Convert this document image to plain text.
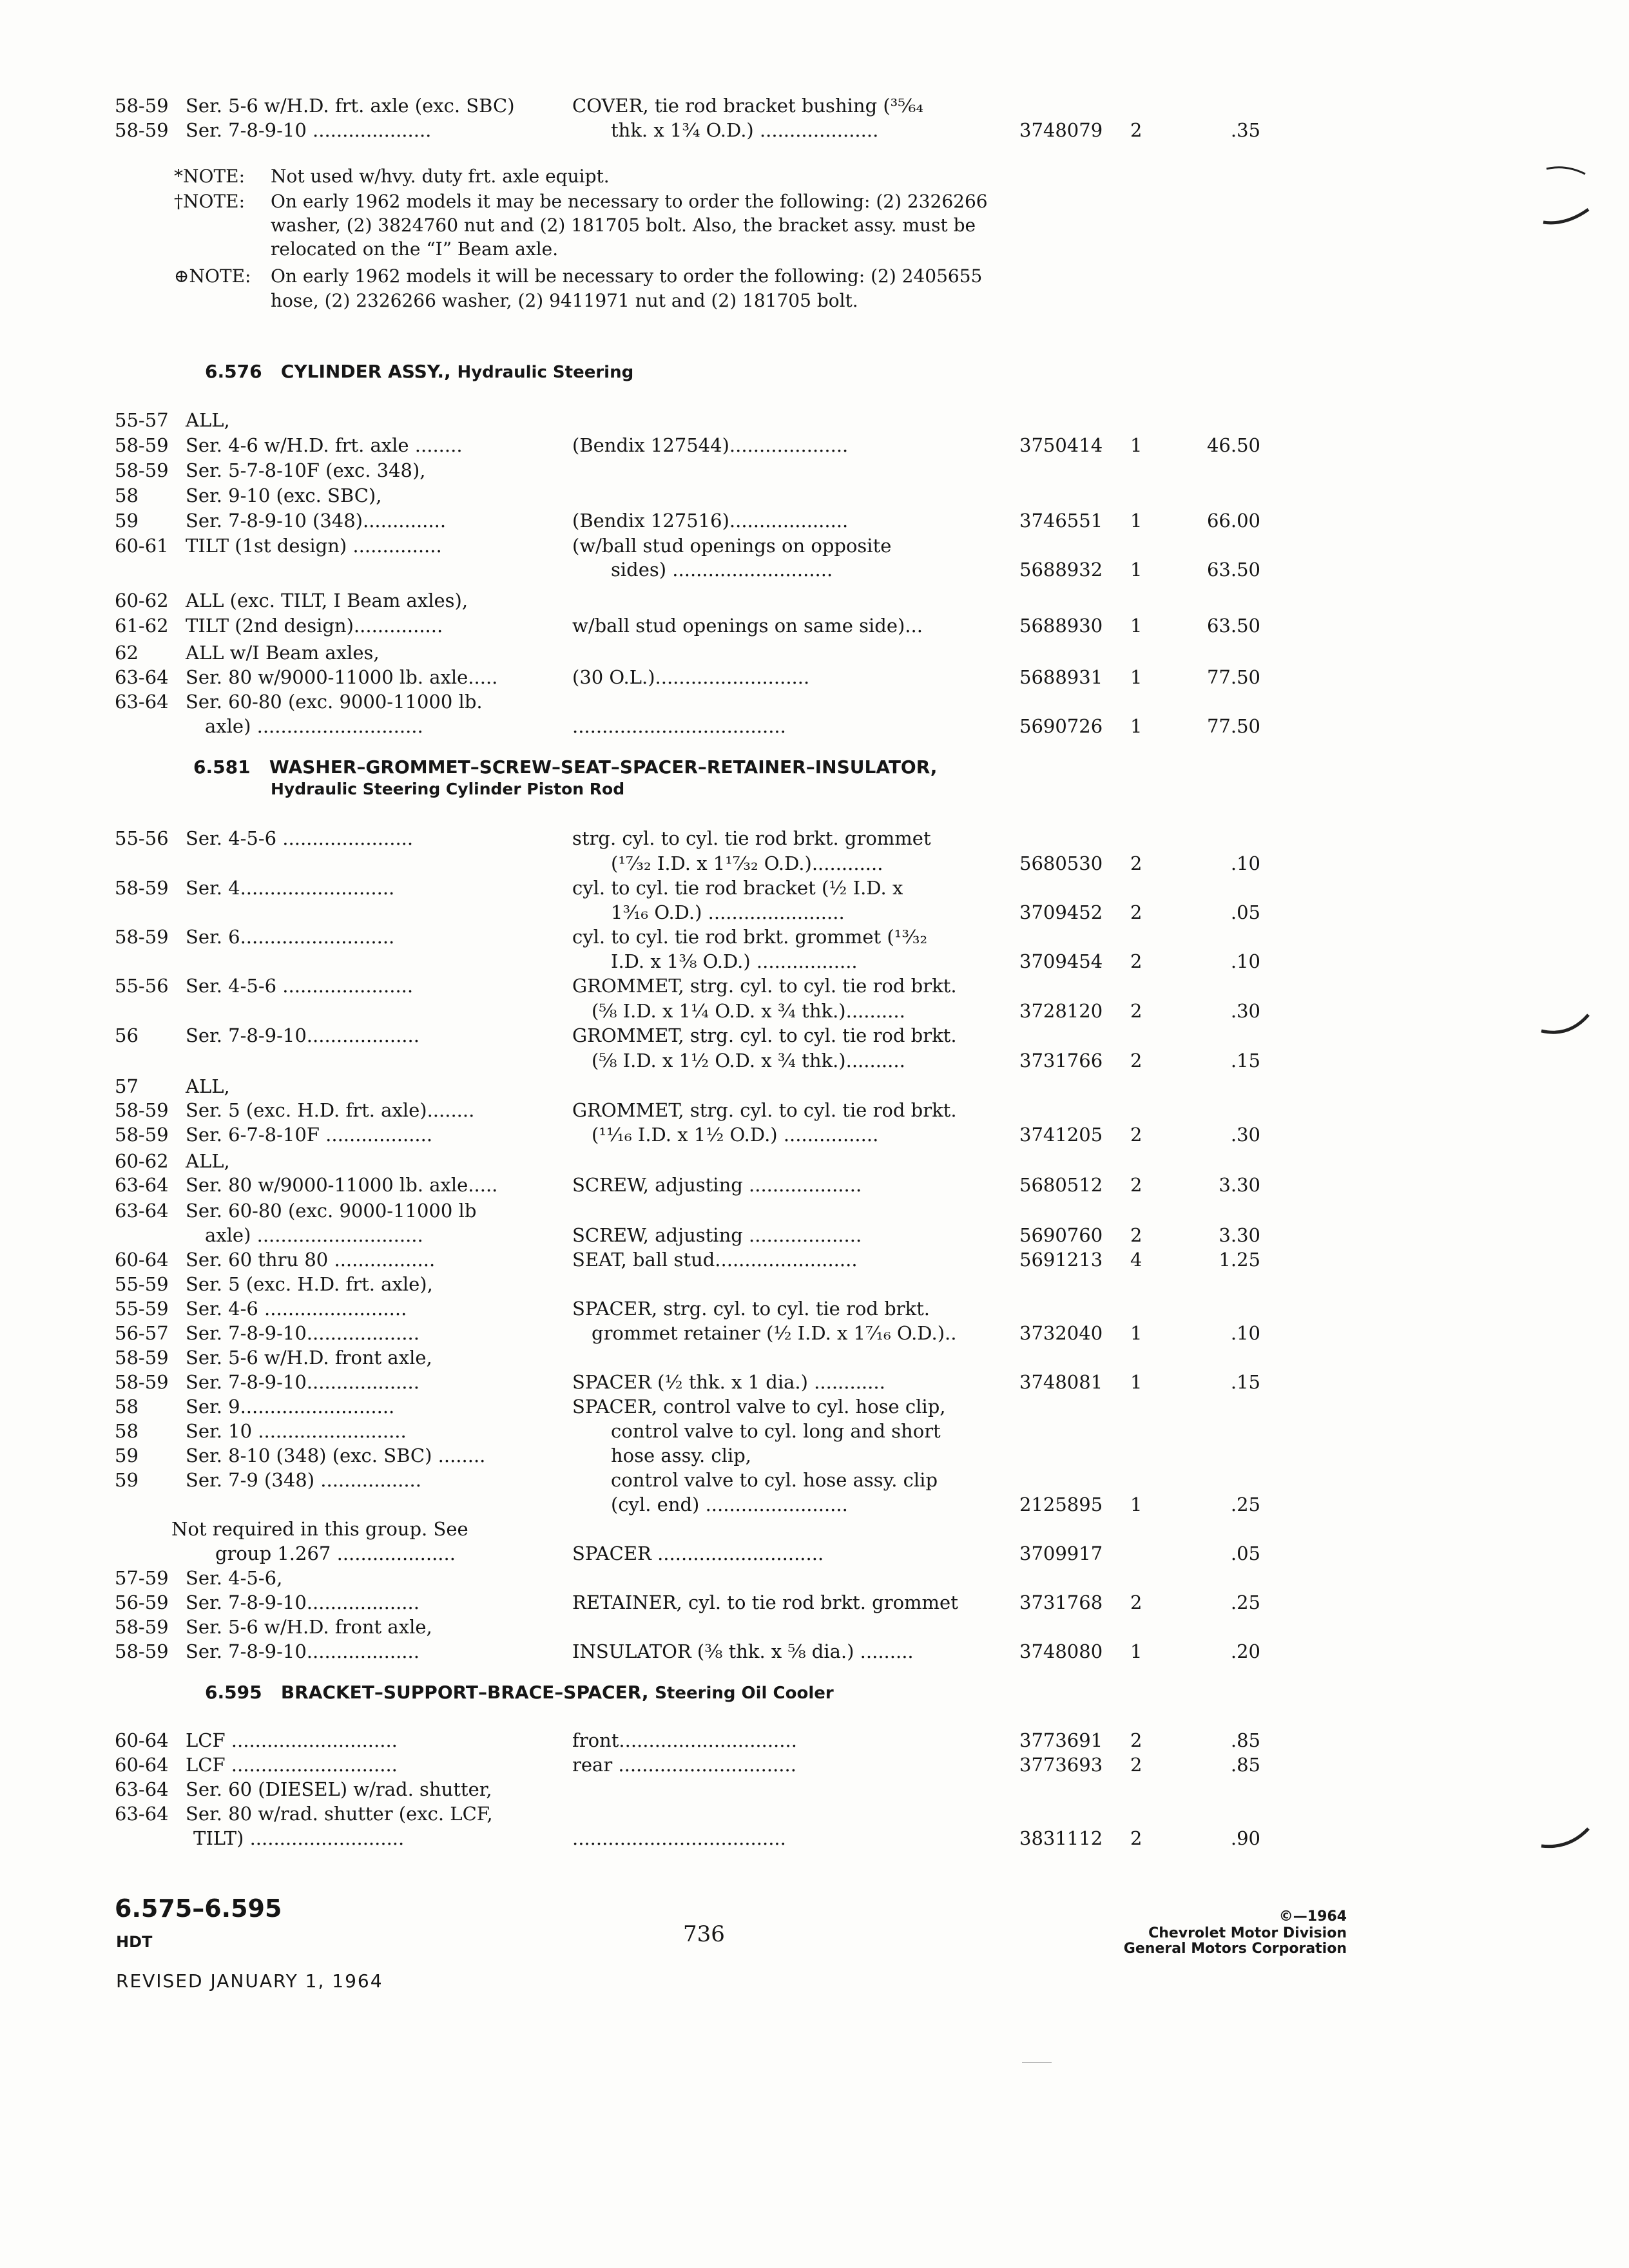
58-59 Ser. 5-6 w/H.D. frt. axle (exc. SBC)	COVER, tie rod bracket bushing (³⁵⁄₆₄
58-59 Ser. 7-8-9-10 ....................	thk. x 1³⁄₄ O.D.) ....................	3748079 2	.35
*NOTE: Not used w/hvy. duty frt. axle equipt.
†NOTE: On early 1962 models it may be necessary to order the following: (2) 2326266
washer, (2) 3824760 nut and (2) 181705 bolt. Also, the bracket assy. must be
relocated on the “I” Beam axle.
⊕NOTE: On early 1962 models it will be necessary to order the following: (2) 2405655
hose, (2) 2326266 washer, (2) 9411971 nut and (2) 181705 bolt.
6.576 CYLINDER ASSY., Hydraulic Steering
55-57 ALL,
58-59 Ser. 4-6 w/H.D. frt. axle ........	(Bendix 127544)....................	3750414 1	46.50
58-59 Ser. 5-7-8-10F (exc. 348),
58	Ser. 9-10 (exc. SBC),
59	Ser. 7-8-9-10 (348)..............	(Bendix 127516)....................	3746551 1	66.00
60-61 TILT (1st design) ...............	(w/ball stud openings on opposite
sides) ...........................	5688932 1	63.50
60-62 ALL (exc. TILT, I Beam axles),
61-62 TILT (2nd design)...............	w/ball stud openings on same side)...	5688930 1	63.50
62	ALL w/I Beam axles,
63-64 Ser. 80 w/9000-11000 lb. axle.....	(30 O.L.)..........................	5688931 1	77.50
63-64 Ser. 60-80 (exc. 9000-11000 lb.
axle) ............................	....................................	5690726 1	77.50
6.581 WASHER–GROMMET–SCREW–SEAT–SPACER–RETAINER–INSULATOR,
Hydraulic Steering Cylinder Piston Rod
55-56 Ser. 4-5-6 ......................	strg. cyl. to cyl. tie rod brkt. grommet
(¹⁷⁄₃₂ I.D. x 1¹⁷⁄₃₂ O.D.)............	5680530 2	.10
58-59 Ser. 4..........................	cyl. to cyl. tie rod bracket (½ I.D. x
1³⁄₁₆ O.D.) .......................	3709452 2	.05
58-59 Ser. 6..........................	cyl. to cyl. tie rod brkt. grommet (¹³⁄₃₂
I.D. x 1³⁄₈ O.D.) .................	3709454 2	.10
55-56 Ser. 4-5-6 ......................	GROMMET, strg. cyl. to cyl. tie rod brkt.
(⅝ I.D. x 1¼ O.D. x ¾ thk.)..........	3728120 2	.30
56	Ser. 7-8-9-10...................	GROMMET, strg. cyl. to cyl. tie rod brkt.
(⅝ I.D. x 1½ O.D. x ¾ thk.)..........	3731766 2	.15
57	ALL,
58-59 Ser. 5 (exc. H.D. frt. axle)........	GROMMET, strg. cyl. to cyl. tie rod brkt.
58-59 Ser. 6-7-8-10F ..................	(¹¹⁄₁₆ I.D. x 1½ O.D.) ................	3741205 2	.30
60-62 ALL,
63-64 Ser. 80 w/9000-11000 lb. axle.....	SCREW, adjusting ...................	5680512 2	3.30
63-64 Ser. 60-80 (exc. 9000-11000 lb
axle) ............................	SCREW, adjusting ...................	5690760 2	3.30
60-64 Ser. 60 thru 80 .................	SEAT, ball stud........................	5691213 4	1.25
55-59 Ser. 5 (exc. H.D. frt. axle),
55-59 Ser. 4-6 ........................	SPACER, strg. cyl. to cyl. tie rod brkt.
56-57 Ser. 7-8-9-10...................	grommet retainer (½ I.D. x 1⁷⁄₁₆ O.D.)..	3732040 1	.10
58-59 Ser. 5-6 w/H.D. front axle,
58-59 Ser. 7-8-9-10...................	SPACER (½ thk. x 1 dia.) ............	3748081 1	.15
58	Ser. 9..........................	SPACER, control valve to cyl. hose clip,
58	Ser. 10 .........................	control valve to cyl. long and short
59	Ser. 8-10 (348) (exc. SBC) ........	hose assy. clip,
59	Ser. 7-9 (348) .................	control valve to cyl. hose assy. clip
(cyl. end) ........................	2125895 1	.25
Not required in this group. See
group 1.267 ....................	SPACER ............................	3709917	.05
57-59 Ser. 4-5-6,
56-59 Ser. 7-8-9-10...................	RETAINER, cyl. to tie rod brkt. grommet	3731768 2	.25
58-59 Ser. 5-6 w/H.D. front axle,
58-59 Ser. 7-8-9-10...................	INSULATOR (⅜ thk. x ⅝ dia.) .........	3748080 1	.20
6.595 BRACKET–SUPPORT–BRACE–SPACER, Steering Oil Cooler
60-64 LCF ............................	front..............................	3773691 2	.85
60-64 LCF ............................	rear ..............................	3773693 2	.85
63-64 Ser. 60 (DIESEL) w/rad. shutter,
63-64 Ser. 80 w/rad. shutter (exc. LCF,
TILT) ..........................	....................................	3831112 2	.90
6.575–6.595
HDT
REVISED JANUARY 1, 1964
736
©—1964
Chevrolet Motor Division
General Motors Corporation
